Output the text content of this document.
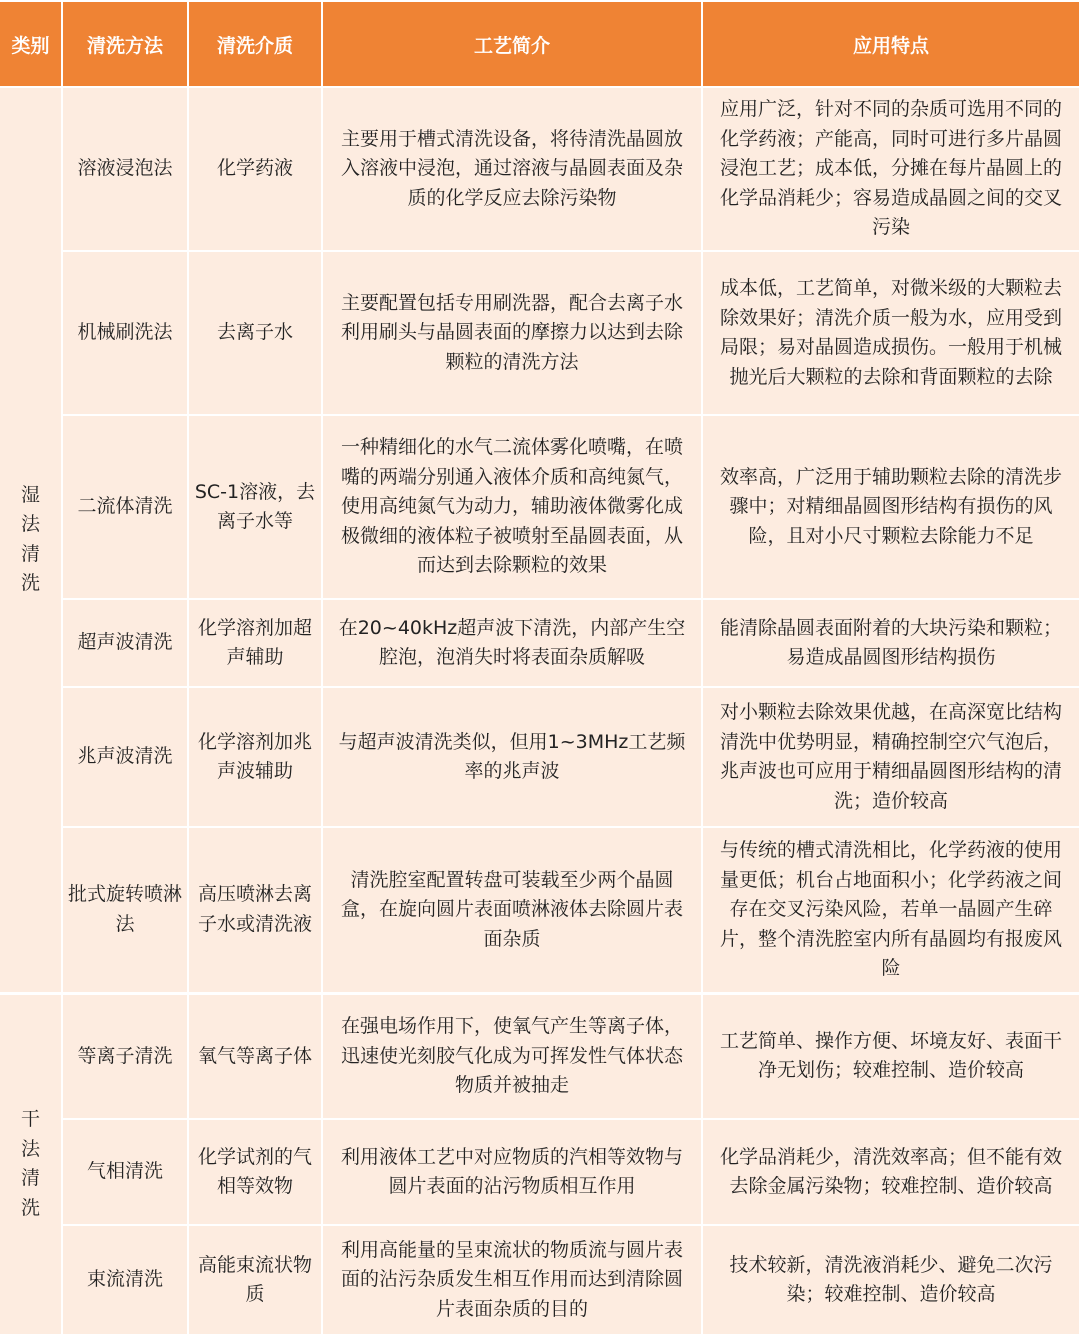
类别	清洗方法	清洗介质	工艺简介	应用特点

湿法清洗	溶液浸泡法	化学药液	主要用于槽式清洗设备，将待清洗晶圆放入溶液中浸泡，通过溶液与晶圆表面及杂质的化学反应去除污染物	应用广泛，针对不同的杂质可选用不同的化学药液；产能高，同时可进行多片晶圆浸泡工艺；成本低，分摊在每片晶圆上的化学品消耗少；容易造成晶圆之间的交叉污染
	机械刷洗法	去离子水	主要配置包括专用刷洗器，配合去离子水利用刷头与晶圆表面的摩擦力以达到去除颗粒的清洗方法	成本低，工艺简单，对微米级的大颗粒去除效果好；清洗介质一般为水，应用受到局限；易对晶圆造成损伤。一般用于机械抛光后大颗粒的去除和背面颗粒的去除
	二流体清洗	SC-1溶液，去离子水等	一种精细化的水气二流体雾化喷嘴，在喷嘴的两端分别通入液体介质和高纯氮气，使用高纯氮气为动力，辅助液体微雾化成极微细的液体粒子被喷射至晶圆表面，从而达到去除颗粒的效果	效率高，广泛用于辅助颗粒去除的清洗步骤中；对精细晶圆图形结构有损伤的风险，且对小尺寸颗粒去除能力不足
	超声波清洗	化学溶剂加超声辅助	在20~40kHz超声波下清洗，内部产生空腔泡，泡消失时将表面杂质解吸	能清除晶圆表面附着的大块污染和颗粒；易造成晶圆图形结构损伤
	兆声波清洗	化学溶剂加兆声波辅助	与超声波清洗类似，但用1~3MHz工艺频率的兆声波	对小颗粒去除效果优越，在高深宽比结构清洗中优势明显，精确控制空穴气泡后，兆声波也可应用于精细晶圆图形结构的清洗；造价较高
	批式旋转喷淋法	高压喷淋去离子水或清洗液	清洗腔室配置转盘可装载至少两个晶圆盒，在旋向圆片表面喷淋液体去除圆片表面杂质	与传统的槽式清洗相比，化学药液的使用量更低；机台占地面积小；化学药液之间存在交叉污染风险，若单一晶圆产生碎片，整个清洗腔室内所有晶圆均有报废风险

干法清洗	等离子清洗	氧气等离子体	在强电场作用下，使氧气产生等离子体，迅速使光刻胶气化成为可挥发性气体状态物质并被抽走	工艺简单、操作方便、坏境友好、表面干净无划伤；较难控制、造价较高
	气相清洗	化学试剂的气相等效物	利用液体工艺中对应物质的汽相等效物与圆片表面的沾污物质相互作用	化学品消耗少，清洗效率高；但不能有效去除金属污染物；较难控制、造价较高
	束流清洗	高能束流状物质	利用高能量的呈束流状的物质流与圆片表面的沾污杂质发生相互作用而达到清除圆片表面杂质的目的	技术较新，清洗液消耗少、避免二次污染；较难控制、造价较高
